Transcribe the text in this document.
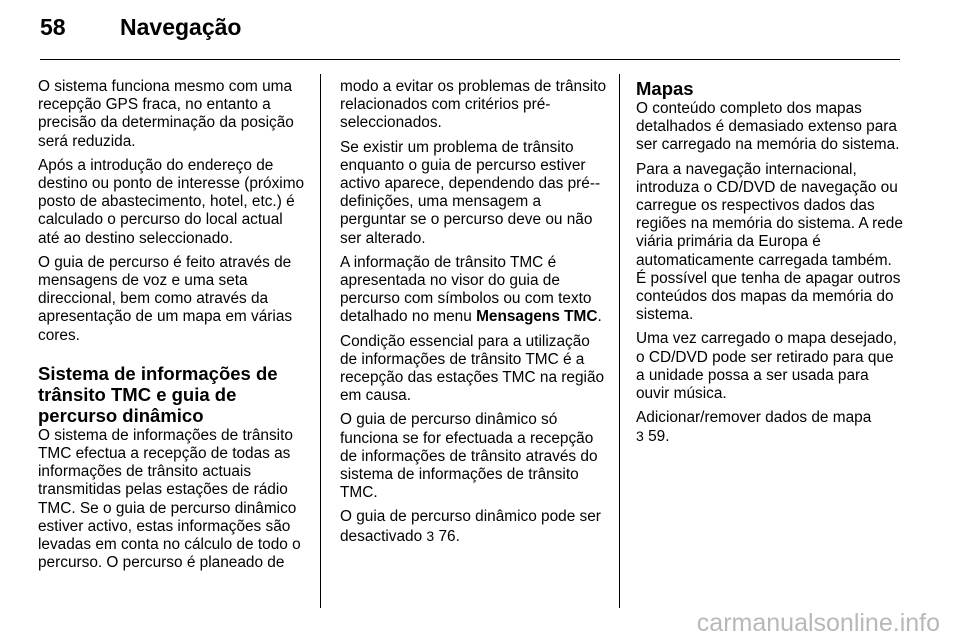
58	Navegação

O sistema funciona mesmo com uma recepção GPS fraca, no entanto a precisão da determinação da posição será reduzida.

Após a introdução do endereço de destino ou ponto de interesse (próximo posto de abastecimento, hotel, etc.) é calculado o percurso do local actual até ao destino seleccionado.

O guia de percurso é feito através de mensagens de voz e uma seta direccional, bem como através da apresentação de um mapa em várias cores.

Sistema de informações de trânsito TMC e guia de percurso dinâmico

O sistema de informações de trânsito TMC efectua a recepção de todas as informações de trânsito actuais transmitidas pelas estações de rádio TMC. Se o guia de percurso dinâmico estiver activo, estas informações são levadas em conta no cálculo de todo o percurso. O percurso é planeado de

modo a evitar os problemas de trânsito relacionados com critérios pré-seleccionados.

Se existir um problema de trânsito enquanto o guia de percurso estiver activo aparece, dependendo das pré--definições, uma mensagem a perguntar se o percurso deve ou não ser alterado.

A informação de trânsito TMC é apresentada no visor do guia de percurso com símbolos ou com texto detalhado no menu Mensagens TMC.

Condição essencial para a utilização de informações de trânsito TMC é a recepção das estações TMC na região em causa.

O guia de percurso dinâmico só funciona se for efectuada a recepção de informações de trânsito através do sistema de informações de trânsito TMC.

O guia de percurso dinâmico pode ser desactivado 3 76.

Mapas

O conteúdo completo dos mapas detalhados é demasiado extenso para ser carregado na memória do sistema.

Para a navegação internacional, introduza o CD/DVD de navegação ou carregue os respectivos dados das regiões na memória do sistema. A rede viária primária da Europa é automaticamente carregada também. É possível que tenha de apagar outros conteúdos dos mapas da memória do sistema.

Uma vez carregado o mapa desejado, o CD/DVD pode ser retirado para que a unidade possa a ser usada para ouvir música.

Adicionar/remover dados de mapa
3 59.

carmanualsonline.info
